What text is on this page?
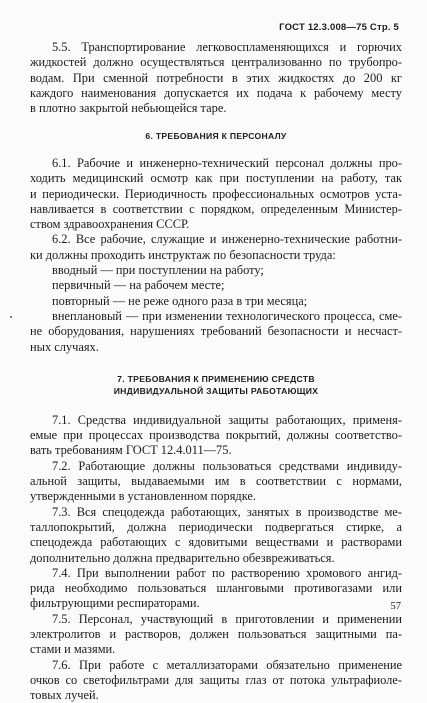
ГОСТ 12.3.008—75 Стр. 5

5.5. Транспортирование легковоспламеняющихся и горючих
жидкостей должно осуществляться централизованно по трубопро-
водам. При сменной потребности в этих жидкостях до 200 кг
каждого наименования допускается их подача к рабочему месту
в плотно закрытой небьющейся таре.

6. ТРЕБОВАНИЯ К ПЕРСОНАЛУ

6.1. Рабочие и инженерно-технический персонал должны про-
ходить медицинский осмотр как при поступлении на работу, так
и периодически. Периодичность профессиональных осмотров уста-
навливается в соответствии с порядком, определенным Министер-
ством здравоохранения СССР.

6.2. Все рабочие, служащие и инженерно-технические работни-
ки должны проходить инструктаж по безопасности труда:

вводный — при поступлении на работу;
первичный — на рабочем месте;
повторный — не реже одного раза в три месяца;

внеплановый — при изменении технологического процесса, сме-
не оборудования, нарушениях требований безопасности и несчаст-
ных случаях.

7. ТРЕБОВАНИЯ К ПРИМЕНЕНИЮ СРЕДСТВ
ИНДИВИДУАЛЬНОЙ ЗАЩИТЫ РАБОТАЮЩИХ

7.1. Средства индивидуальной защиты работающих, применя-
емые при процессах производства покрытий, должны соответство-
вать требованиям ГОСТ 12.4.011—75.

7.2. Работающие должны пользоваться средствами индивиду-
альной защиты, выдаваемыми им в соответствии с нормами,
утвержденными в установленном порядке.

7.3. Вся спецодежда работающих, занятых в производстве ме-
таллопокрытий, должна периодически подвергаться стирке, а
спецодежда работающих с ядовитыми веществами и растворами
дополнительно должна предварительно обезвреживаться.

7.4. При выполнении работ по растворению хромового ангид-
рида необходимо пользоваться шланговыми противогазами или
фильтрующими респираторами.

7.5. Персонал, участвующий в приготовлении и применении
электролитов и растворов, должен пользоваться защитными па-
стами и мазями.

7.6. При работе с металлизаторами обязательно применение
очков со светофильтрами для защиты глаз от потока ультрафиоле-
товых лучей.

57
